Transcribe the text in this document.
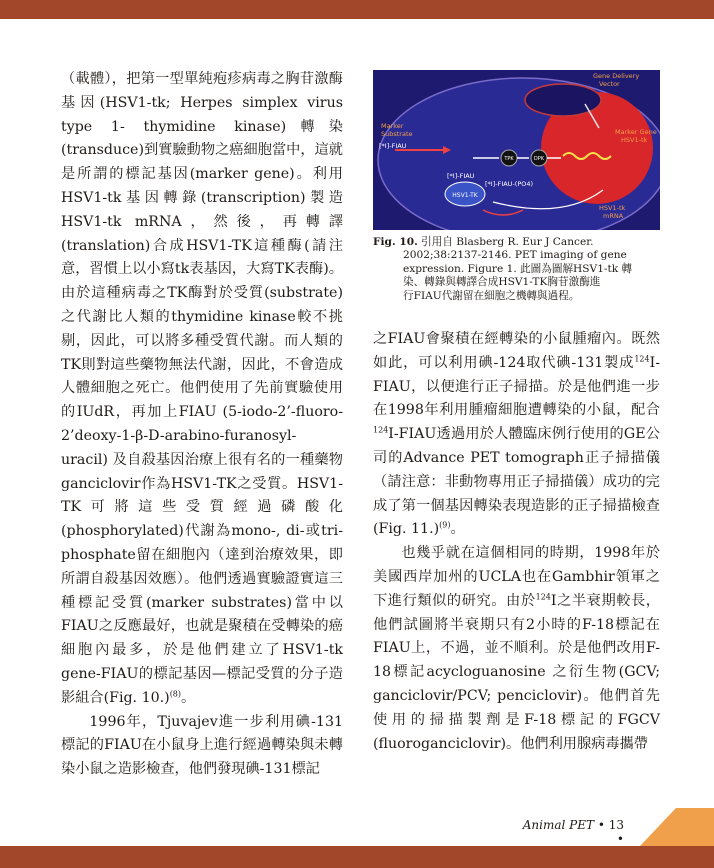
（載體），把第一型單純疱疹病毒之胸苷激酶基因(HSV1-tk; Herpes simplex virus type 1- thymidine kinase)轉染(transduce)到實驗動物之癌細胞當中，這就是所謂的標記基因(marker gene)。利用HSV1-tk基因轉錄(transcription)製造HSV1-tk mRNA，然後，再轉譯(translation)合成HSV1-TK這種酶(請注意，習慣上以小寫tk表基因，大寫TK表酶)。由於這種病毒之TK酶對於受質(substrate)之代謝比人類的thymidine kinase較不挑剔，因此，可以將多種受質代謝。而人類的TK則對這些藥物無法代謝，因此，不會造成人體細胞之死亡。他們使用了先前實驗使用的IUdR，再加上FIAU (5-iodo-2’-fluoro-2’deoxy-1-β-D-arabino-furanosyl-uracil) 及自殺基因治療上很有名的一種藥物ganciclovir作為HSV1-TK之受質。HSV1-TK可將這些受質經過磷酸化(phosphorylated)代謝為mono-, di-或tri-phosphate留在細胞內（達到治療效果，即所謂自殺基因效應）。他們透過實驗證實這三種標記受質(marker substrates)當中以FIAU之反應最好，也就是聚積在受轉染的癌細胞內最多，於是他們建立了HSV1-tk gene-FIAU的標記基因—標記受質的分子造影組合(Fig. 10.)$^{(8)}$。

1996年，Tjuvajev進一步利用碘-131標記的FIAU在小鼠身上進行經過轉染與未轉染小鼠之造影檢查，他們發現碘-131標記

HSV1-TK
TPK	DPK
Gene Delivery
Vector
Marker
Substrate
[*I]-FIAU
[*I]-FIAU
[*I]-FIAU-(PO4)
Marker Gene
HSV1-tk
HSV1-tk
mRNA

Fig. 10. 引用自 Blasberg R. Eur J Cancer.

2002;38:2137-2146. PET imaging of gene

expression. Figure 1. 此圖為圖解HSV1-tk 轉

染、轉錄與轉譯合成HSV1-TK胸苷激酶進

行FIAU代謝留在細胞之機轉與過程。

之FIAU會聚積在經轉染的小鼠腫瘤內。既然如此，可以利用碘-124取代碘-131製成$^{124}$I-FIAU，以便進行正子掃描。於是他們進一步在1998年利用腫瘤細胞遭轉染的小鼠，配合$^{124}$I-FIAU透過用於人體臨床例行使用的GE公司的Advance PET tomograph正子掃描儀（請注意：非動物專用正子掃描儀）成功的完成了第一個基因轉染表現造影的正子掃描檢查 (Fig. 11.)$^{(9)}$。

也幾乎就在這個相同的時期，1998年於美國西岸加州的UCLA也在Gambhir領軍之下進行類似的研究。由於$^{124}$I之半衰期較長，他們試圖將半衰期只有2小時的F-18標記在FIAU上，不過，並不順利。於是他們改用F-18標記acycloguanosine 之衍生物(GCV; ganciclovir/PCV; penciclovir)。他們首先使用的掃描製劑是F-18標記的FGCV (fluoroganciclovir)。他們利用腺病毒攜帶

Animal PET • 13 •
